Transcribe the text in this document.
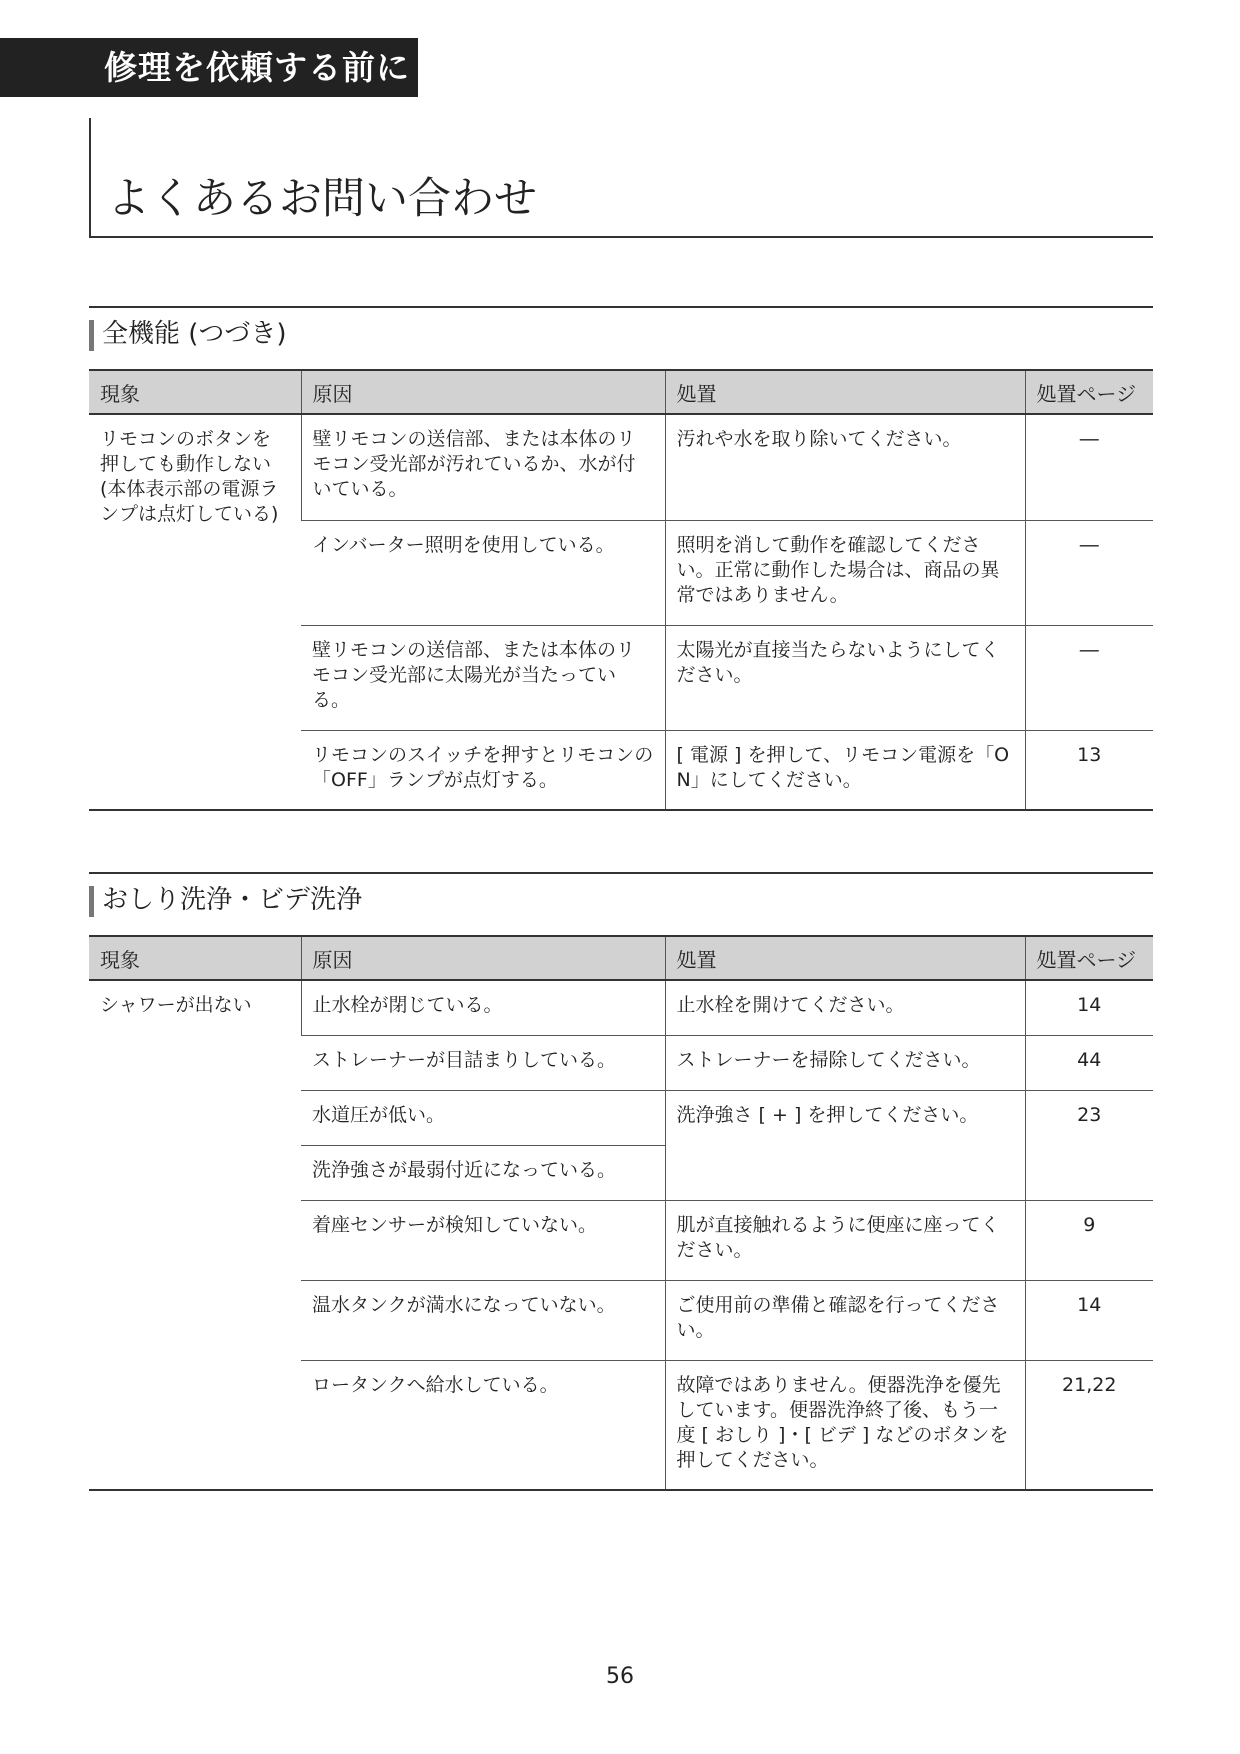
修理を依頼する前に
よくあるお問い合わせ
全機能 (つづき)
現象	原因	処置	処置ページ
リモコンのボタンを押しても動作しない(本体表示部の電源ランプは点灯している)	壁リモコンの送信部、または本体のリモコン受光部が汚れているか、水が付いている。	汚れや水を取り除いてください。	―
	インバーター照明を使用している。	照明を消して動作を確認してください。正常に動作した場合は、商品の異常ではありません。	―
	壁リモコンの送信部、または本体のリモコン受光部に太陽光が当たっている。	太陽光が直接当たらないようにしてください。	―
	リモコンのスイッチを押すとリモコンの「OFF」ランプが点灯する。	[ 電源 ] を押して、リモコン電源を「ON」にしてください。	13
おしり洗浄・ビデ洗浄
現象	原因	処置	処置ページ
シャワーが出ない	止水栓が閉じている。	止水栓を開けてください。	14
	ストレーナーが目詰まりしている。	ストレーナーを掃除してください。	44
	水道圧が低い。	洗浄強さ [ + ] を押してください。	23
	洗浄強さが最弱付近になっている。		
	着座センサーが検知していない。	肌が直接触れるように便座に座ってください。	9
	温水タンクが満水になっていない。	ご使用前の準備と確認を行ってください。	14
	ロータンクへ給水している。	故障ではありません。便器洗浄を優先しています。便器洗浄終了後、もう一度 [ おしり ]・[ ビデ ] などのボタンを押してください。	21,22
56
